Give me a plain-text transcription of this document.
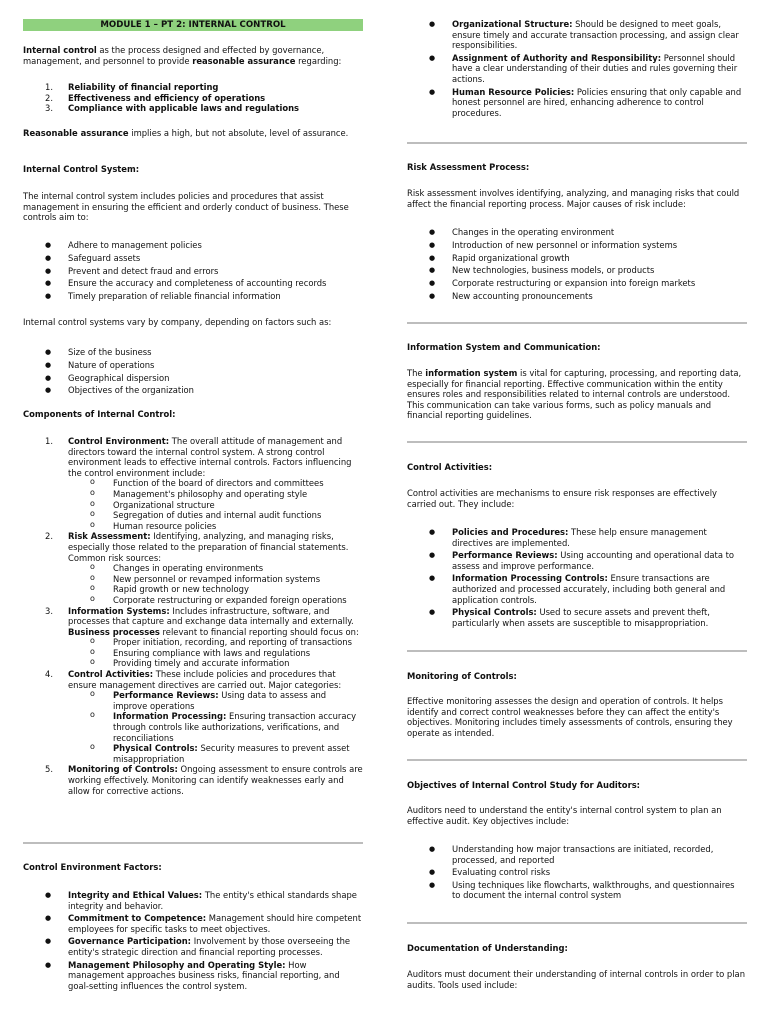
MODULE 1 – PT 2: INTERNAL CONTROL

Internal control as the process designed and effected by governance, management, and personnel to provide reasonable assurance regarding:

1. Reliability of financial reporting
2. Effectiveness and efficiency of operations
3. Compliance with applicable laws and regulations

Reasonable assurance implies a high, but not absolute, level of assurance.

Internal Control System:

The internal control system includes policies and procedures that assist management in ensuring the efficient and orderly conduct of business. These controls aim to:

● Adhere to management policies
● Safeguard assets
● Prevent and detect fraud and errors
● Ensure the accuracy and completeness of accounting records
● Timely preparation of reliable financial information

Internal control systems vary by company, depending on factors such as:

● Size of the business
● Nature of operations
● Geographical dispersion
● Objectives of the organization
Components of Internal Control:
1. Control Environment: The overall attitude of management and directors toward the internal control system. A strong control environment leads to effective internal controls. Factors influencing the control environment include:
o Function of the board of directors and committees
o Management's philosophy and operating style
o Organizational structure
o Segregation of duties and internal audit functions
o Human resource policies
2. Risk Assessment: Identifying, analyzing, and managing risks, especially those related to the preparation of financial statements. Common risk sources:
o Changes in operating environments
o New personnel or revamped information systems
o Rapid growth or new technology
o Corporate restructuring or expanded foreign operations
3. Information Systems: Includes infrastructure, software, and processes that capture and exchange data internally and externally. Business processes relevant to financial reporting should focus on:
o Proper initiation, recording, and reporting of transactions
o Ensuring compliance with laws and regulations
o Providing timely and accurate information
4. Control Activities: These include policies and procedures that ensure management directives are carried out. Major categories:
o Performance Reviews: Using data to assess and improve operations
o Information Processing: Ensuring transaction accuracy through controls like authorizations, verifications, and reconciliations
o Physical Controls: Security measures to prevent asset misappropriation
5. Monitoring of Controls: Ongoing assessment to ensure controls are working effectively. Monitoring can identify weaknesses early and allow for corrective actions.
Control Environment Factors:
● Integrity and Ethical Values: The entity's ethical standards shape integrity and behavior.
● Commitment to Competence: Management should hire competent employees for specific tasks to meet objectives.
● Governance Participation: Involvement by those overseeing the entity's strategic direction and financial reporting processes.
● Management Philosophy and Operating Style: How management approaches business risks, financial reporting, and goal-setting influences the control system.
● Organizational Structure: Should be designed to meet goals, ensure timely and accurate transaction processing, and assign clear responsibilities.
● Assignment of Authority and Responsibility: Personnel should have a clear understanding of their duties and rules governing their actions.
● Human Resource Policies: Policies ensuring that only capable and honest personnel are hired, enhancing adherence to control procedures.
Risk Assessment Process:

Risk assessment involves identifying, analyzing, and managing risks that could affect the financial reporting process. Major causes of risk include:

● Changes in the operating environment
● Introduction of new personnel or information systems
● Rapid organizational growth
● New technologies, business models, or products
● Corporate restructuring or expansion into foreign markets
● New accounting pronouncements
Information System and Communication:

The information system is vital for capturing, processing, and reporting data, especially for financial reporting. Effective communication within the entity ensures roles and responsibilities related to internal controls are understood. This communication can take various forms, such as policy manuals and financial reporting guidelines.

Control Activities:

Control activities are mechanisms to ensure risk responses are effectively carried out. They include:

● Policies and Procedures: These help ensure management directives are implemented.
● Performance Reviews: Using accounting and operational data to assess and improve performance.
● Information Processing Controls: Ensure transactions are authorized and processed accurately, including both general and application controls.
● Physical Controls: Used to secure assets and prevent theft, particularly when assets are susceptible to misappropriation.
Monitoring of Controls:

Effective monitoring assesses the design and operation of controls. It helps identify and correct control weaknesses before they can affect the entity's objectives. Monitoring includes timely assessments of controls, ensuring they operate as intended.

Objectives of Internal Control Study for Auditors:

Auditors need to understand the entity's internal control system to plan an effective audit. Key objectives include:

● Understanding how major transactions are initiated, recorded, processed, and reported
● Evaluating control risks
● Using techniques like flowcharts, walkthroughs, and questionnaires to document the internal control system
Documentation of Understanding:

Auditors must document their understanding of internal controls in order to plan audits. Tools used include:
